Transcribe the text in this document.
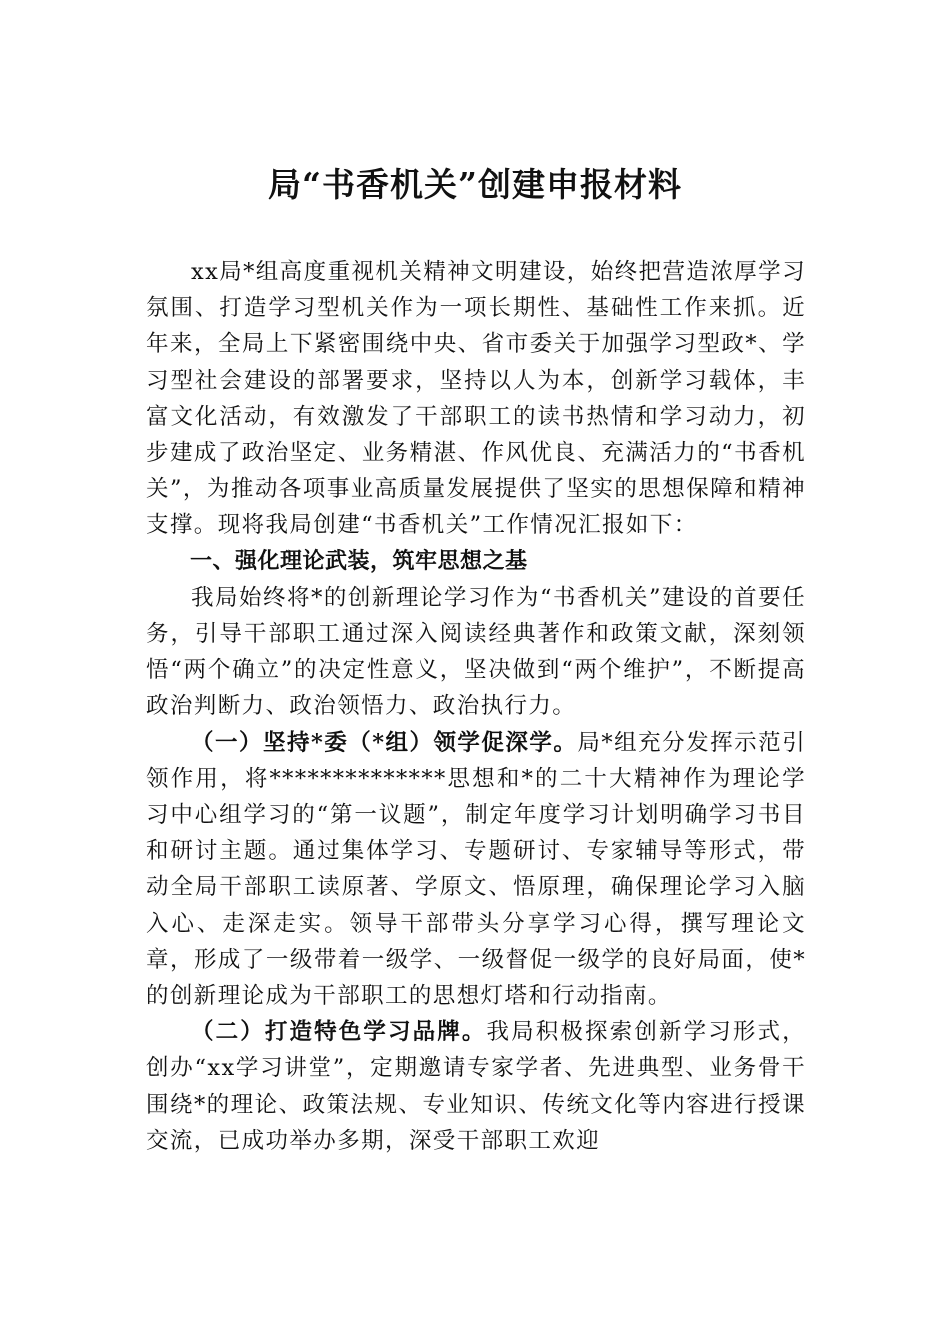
局“书香机关”创建申报材料

xx局*组高度重视机关精神文明建设，始终把营造浓厚学习氛围、打造学习型机关作为一项长期性、基础性工作来抓。近年来，全局上下紧密围绕中央、省市委关于加强学习型政*、学习型社会建设的部署要求，坚持以人为本，创新学习载体，丰富文化活动，有效激发了干部职工的读书热情和学习动力，初步建成了政治坚定、业务精湛、作风优良、充满活力的“书香机关”，为推动各项事业高质量发展提供了坚实的思想保障和精神支撑。现将我局创建“书香机关”工作情况汇报如下：

一、强化理论武装，筑牢思想之基

我局始终将*的创新理论学习作为“书香机关”建设的首要任务，引导干部职工通过深入阅读经典著作和政策文献，深刻领悟“两个确立”的决定性意义，坚决做到“两个维护”，不断提高政治判断力、政治领悟力、政治执行力。

（一）坚持*委（*组）领学促深学。局*组充分发挥示范引领作用，将**************思想和*的二十大精神作为理论学习中心组学习的“第一议题”，制定年度学习计划明确学习书目和研讨主题。通过集体学习、专题研讨、专家辅导等形式，带动全局干部职工读原著、学原文、悟原理，确保理论学习入脑入心、走深走实。领导干部带头分享学习心得，撰写理论文章，形成了一级带着一级学、一级督促一级学的良好局面，使*的创新理论成为干部职工的思想灯塔和行动指南。

（二）打造特色学习品牌。我局积极探索创新学习形式，创办“xx学习讲堂”，定期邀请专家学者、先进典型、业务骨干围绕*的理论、政策法规、专业知识、传统文化等内容进行授课交流，已成功举办多期，深受干部职工欢迎
